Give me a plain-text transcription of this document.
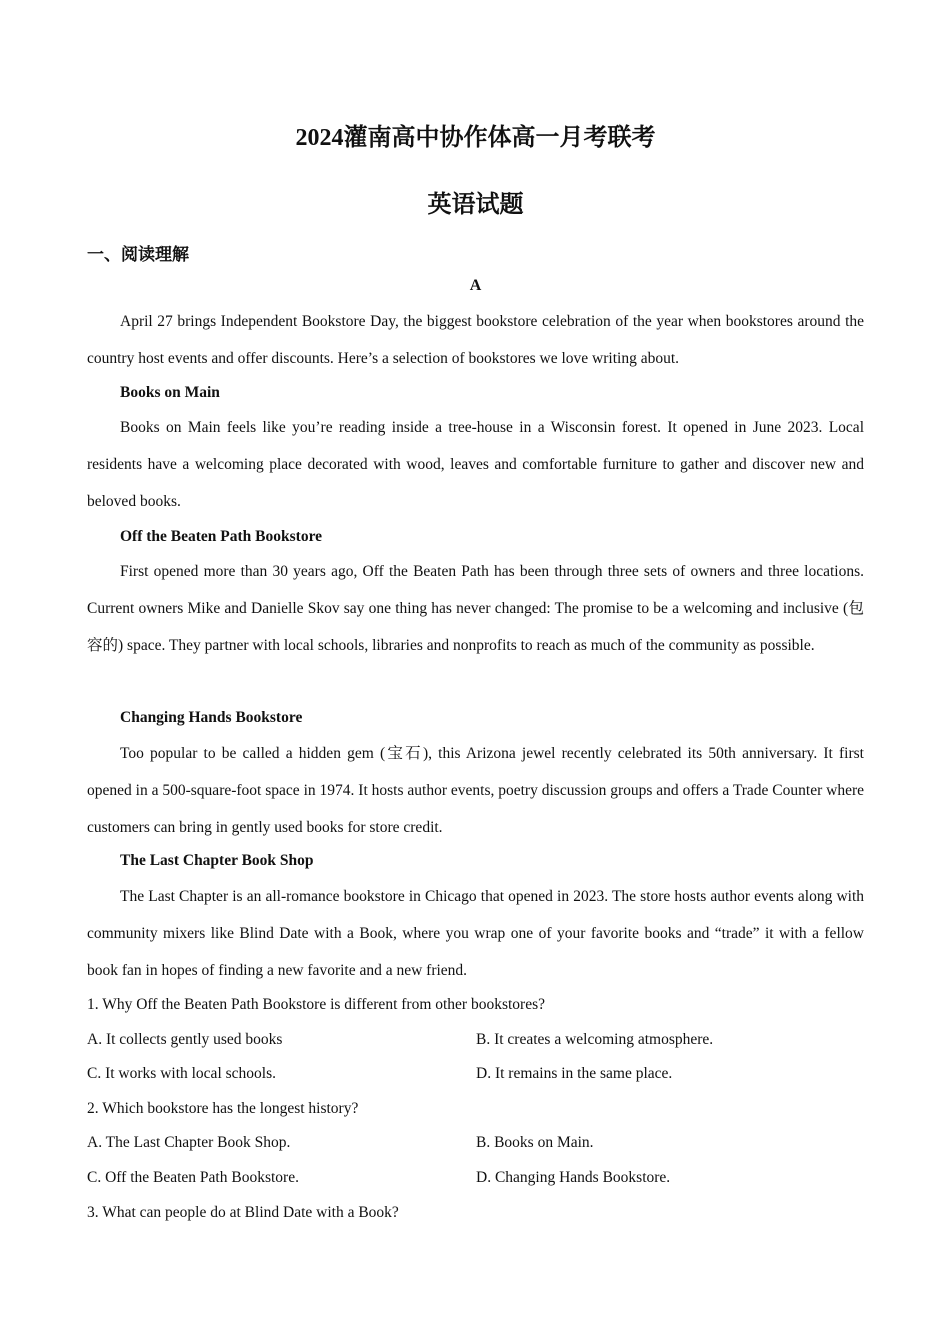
2024灌南高中协作体高一月考联考
英语试题
一、阅读理解
A
April 27 brings Independent Bookstore Day, the biggest bookstore celebration of the year when bookstores around the country host events and offer discounts. Here’s a selection of bookstores we love writing about.
Books on Main
Books on Main feels like you’re reading inside a tree-house in a Wisconsin forest. It opened in June 2023. Local residents have a welcoming place decorated with wood, leaves and comfortable furniture to gather and discover new and beloved books.
Off the Beaten Path Bookstore
First opened more than 30 years ago, Off the Beaten Path has been through three sets of owners and three locations. Current owners Mike and Danielle Skov say one thing has never changed: The promise to be a welcoming and inclusive (包容的) space. They partner with local schools, libraries and nonprofits to reach as much of the community as possible.
Changing Hands Bookstore
Too popular to be called a hidden gem (宝石), this Arizona jewel recently celebrated its 50th anniversary. It first opened in a 500-square-foot space in 1974. It hosts author events, poetry discussion groups and offers a Trade Counter where customers can bring in gently used books for store credit.
The Last Chapter Book Shop
The Last Chapter is an all-romance bookstore in Chicago that opened in 2023. The store hosts author events along with community mixers like Blind Date with a Book, where you wrap one of your favorite books and “trade” it with a fellow book fan in hopes of finding a new favorite and a new friend.
1. Why Off the Beaten Path Bookstore is different from other bookstores?
A. It collects gently used books	B. It creates a welcoming atmosphere.
C. It works with local schools.	D. It remains in the same place.
2. Which bookstore has the longest history?
A. The Last Chapter Book Shop.	B. Books on Main.
C. Off the Beaten Path Bookstore.	D. Changing Hands Bookstore.
3. What can people do at Blind Date with a Book?
